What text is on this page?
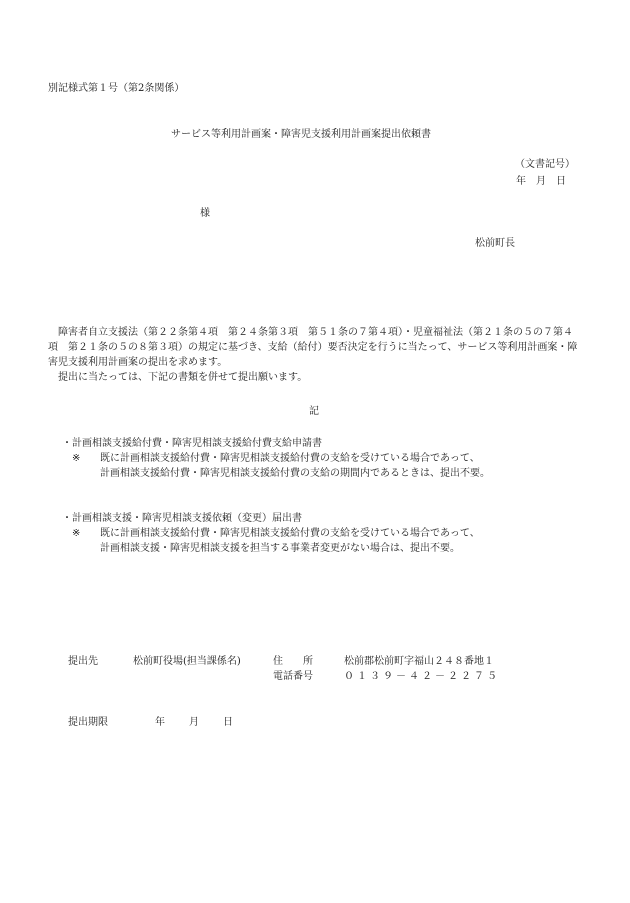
別記様式第１号（第2条関係）
サービス等利用計画案・障害児支援利用計画案提出依頼書
（文書記号）
年　月　日
様
松前町長
障害者自立支援法（第２２条第４項　第２４条第３項　第５１条の７第４項）・児童福祉法（第２１条の５の７第４項　第２１条の５の８第３項）の規定に基づき、支給（給付）要否決定を行うに当たって、サービス等利用計画案・障害児支援利用計画案の提出を求めます。
提出に当たっては、下記の書類を併せて提出願います。
記
・計画相談支援給付費・障害児相談支援給付費支給申請書
※ 既に計画相談支援給付費・障害児相談支援給付費の支給を受けている場合であって、
計画相談支援給付費・障害児相談支援給付費の支給の期間内であるときは、提出不要。
・計画相談支援・障害児相談支援依頼（変更）届出書
※ 既に計画相談支援給付費・障害児相談支援給付費の支給を受けている場合であって、
計画相談支援・障害児相談支援を担当する事業者変更がない場合は、提出不要。
提出先	松前町役場(担当課係名)	住　　所	松前郡松前町字福山２４８番地１
電話番号	０１３９－４２－２２７５
提出期限	年 月 日
